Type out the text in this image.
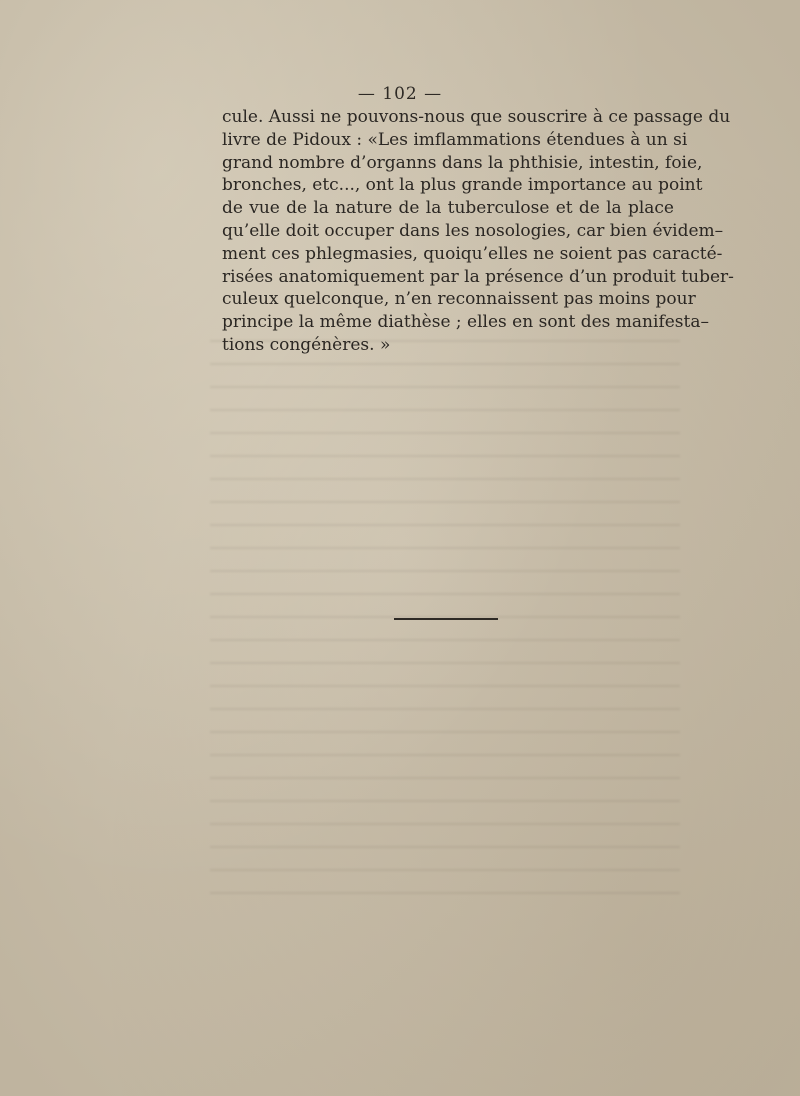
— 102 —
cule. Aussi ne pouvons-nous que souscrire à ce passage du
livre de Pidoux : «Les imflammations étendues à un si
grand nombre d’organns dans la phthisie, intestin, foie,
bronches, etc..., ont la plus grande importance au point
de vue de la nature de la tuberculose et de la place
qu’elle doit occuper dans les nosologies, car bien évidem–
ment ces phlegmasies, quoiqu’elles ne soient pas caracté-
risées anatomiquement par la présence d’un produit tuber-
culeux quelconque, n’en reconnaissent pas moins pour
principe la même diathèse ; elles en sont des manifesta–
tions congénères. »
